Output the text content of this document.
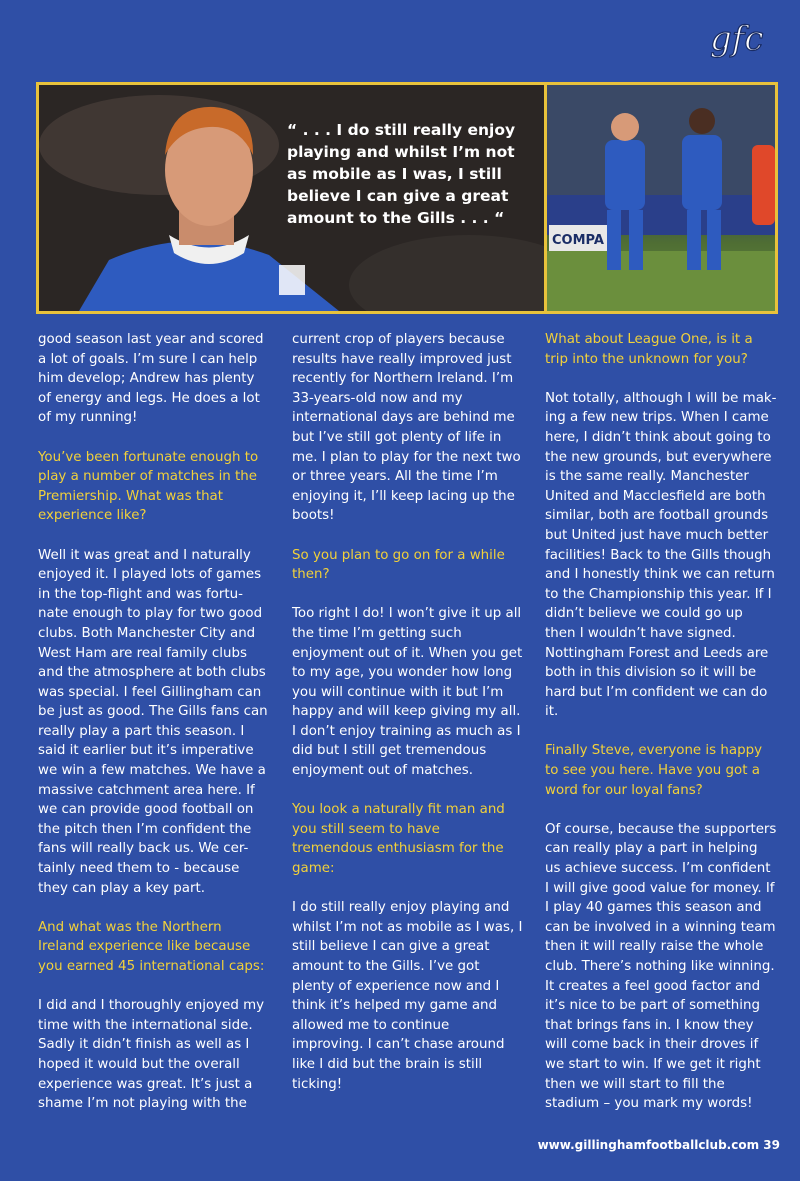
gfc
“ . . . I do still really enjoy playing and whilst I’m not as mobile as I was, I still believe I can give a great amount to the Gills . . . “
COMPA

good season last year and scored a lot of goals. I’m sure I can help him develop; Andrew has plenty of energy and legs. He does a lot of my running!

You’ve been fortunate enough to play a number of matches in the Premiership. What was that experience like?

Well it was great and I naturally enjoyed it. I played lots of games in the top-flight and was fortu-nate enough to play for two good clubs. Both Manchester City and West Ham are real family clubs and the atmosphere at both clubs was special. I feel Gillingham can be just as good. The Gills fans can really play a part this season. I said it earlier but it’s imperative we win a few matches. We have a massive catchment area here. If we can provide good football on the pitch then I’m confident the fans will really back us. We cer-tainly need them to - because they can play a key part.

And what was the Northern Ireland experience like because you earned 45 international caps:

I did and I thoroughly enjoyed my time with the international side. Sadly it didn’t finish as well as I hoped it would but the overall experience was great. It’s just a shame I’m not playing with the

current crop of players because results have really improved just recently for Northern Ireland. I’m 33-years-old now and my international days are behind me but I’ve still got plenty of life in me. I plan to play for the next two or three years. All the time I’m enjoying it, I’ll keep lacing up the boots!

So you plan to go on for a while then?

Too right I do! I won’t give it up all the time I’m getting such enjoyment out of it. When you get to my age, you wonder how long you will continue with it but I’m happy and will keep giving my all. I don’t enjoy training as much as I did but I still get tremendous enjoyment out of matches.

You look a naturally fit man and you still seem to have tremendous enthusiasm for the game:

I do still really enjoy playing and whilst I’m not as mobile as I was, I still believe I can give a great amount to the Gills. I’ve got plenty of experience now and I think it’s helped my game and allowed me to continue improving. I can’t chase around like I did but the brain is still ticking!

What about League One, is it a trip into the unknown for you?

Not totally, although I will be mak-ing a few new trips. When I came here, I didn’t think about going to the new grounds, but everywhere is the same really. Manchester United and Macclesfield are both similar, both are football grounds but United just have much better facilities! Back to the Gills though and I honestly think we can return to the Championship this year. If I didn’t believe we could go up then I wouldn’t have signed. Nottingham Forest and Leeds are both in this division so it will be hard but I’m confident we can do it.

Finally Steve, everyone is happy to see you here. Have you got a word for our loyal fans?

Of course, because the supporters can really play a part in helping us achieve success. I’m confident I will give good value for money. If I play 40 games this season and can be involved in a winning team then it will really raise the whole club. There’s nothing like winning. It creates a feel good factor and it’s nice to be part of something that brings fans in. I know they will come back in their droves if we start to win. If we get it right then we will start to fill the stadium – you mark my words!

www.gillinghamfootballclub.com 39
